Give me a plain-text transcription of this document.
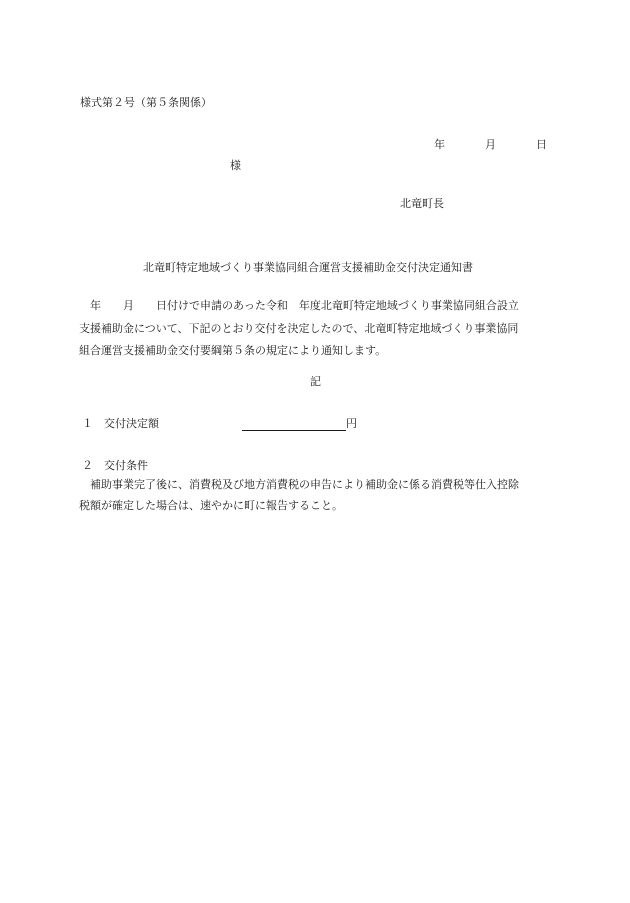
様式第２号（第５条関係）
年	月	日
様
北竜町長
北竜町特定地域づくり事業協同組合運営支援補助金交付決定通知書
　年　　月　　日付けで申請のあった令和　年度北竜町特定地域づくり事業協同組合設立
支援補助金について、下記のとおり交付を決定したので、北竜町特定地域づくり事業協同
組合運営支援補助金交付要綱第５条の規定により通知します。
記
１ 交付決定額	円
２ 交付条件
　補助事業完了後に、消費税及び地方消費税の申告により補助金に係る消費税等仕入控除
税額が確定した場合は、速やかに町に報告すること。
